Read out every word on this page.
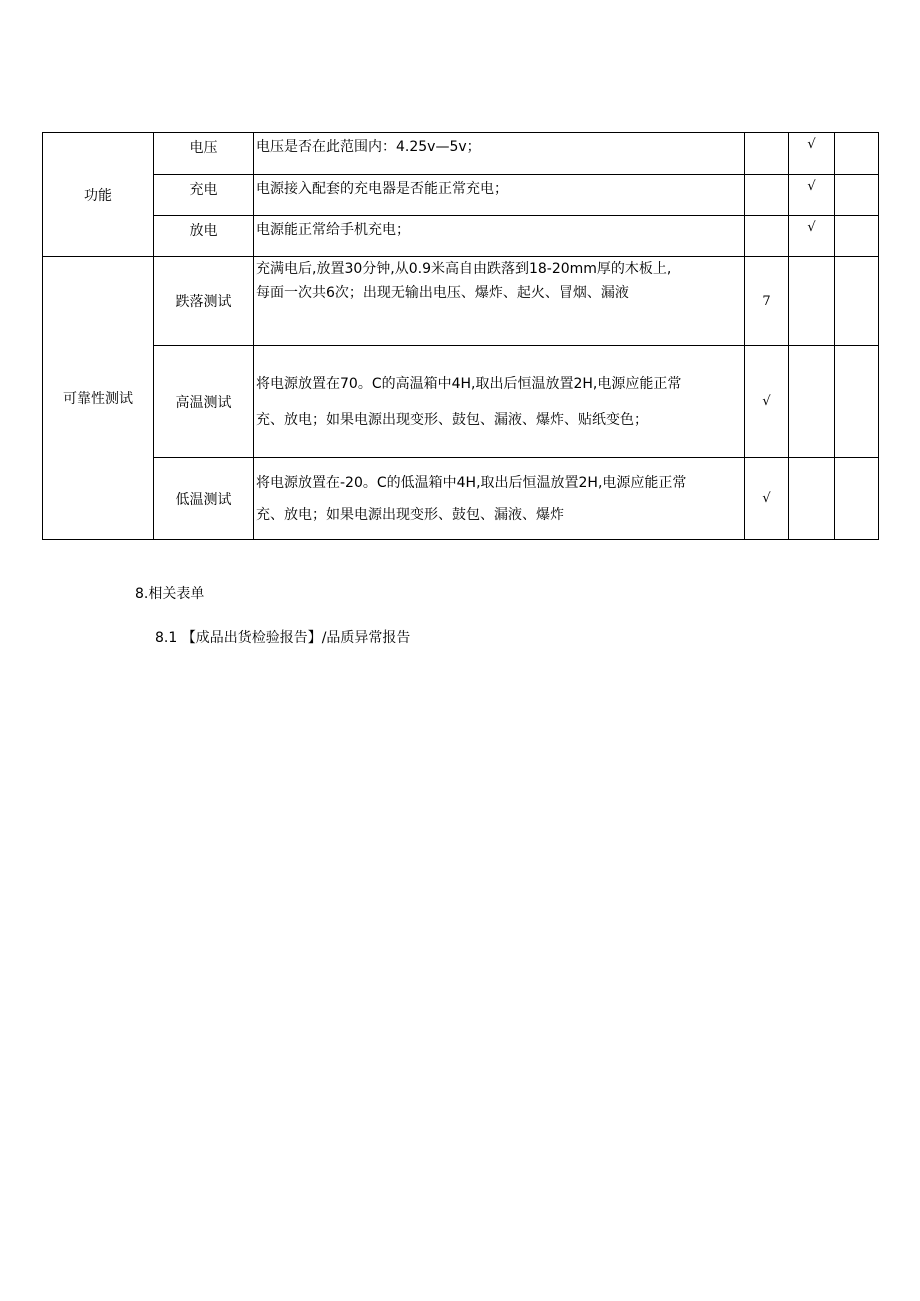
功能	电压	电压是否在此范围内：4.25v—5v；		√	
	充电	电源接入配套的充电器是否能正常充电；		√	
	放电	电源能正常给手机充电；		√	
可靠性测试	跌落测试	充满电后,放置30分钟,从0.9米高自由跌落到18-20mm厚的木板上,
每面一次共6次；出现无输出电压、爆炸、起火、冒烟、漏液	7		
	高温测试	将电源放置在70。C的高温箱中4H,取出后恒温放置2H,电源应能正常
充、放电；如果电源出现变形、鼓包、漏液、爆炸、贴纸变色；	√		
	低温测试	将电源放置在-20。C的低温箱中4H,取出后恒温放置2H,电源应能正常
充、放电；如果电源出现变形、鼓包、漏液、爆炸	√		
8.相关表单
8.1 【成品出货检验报告】/品质异常报告
